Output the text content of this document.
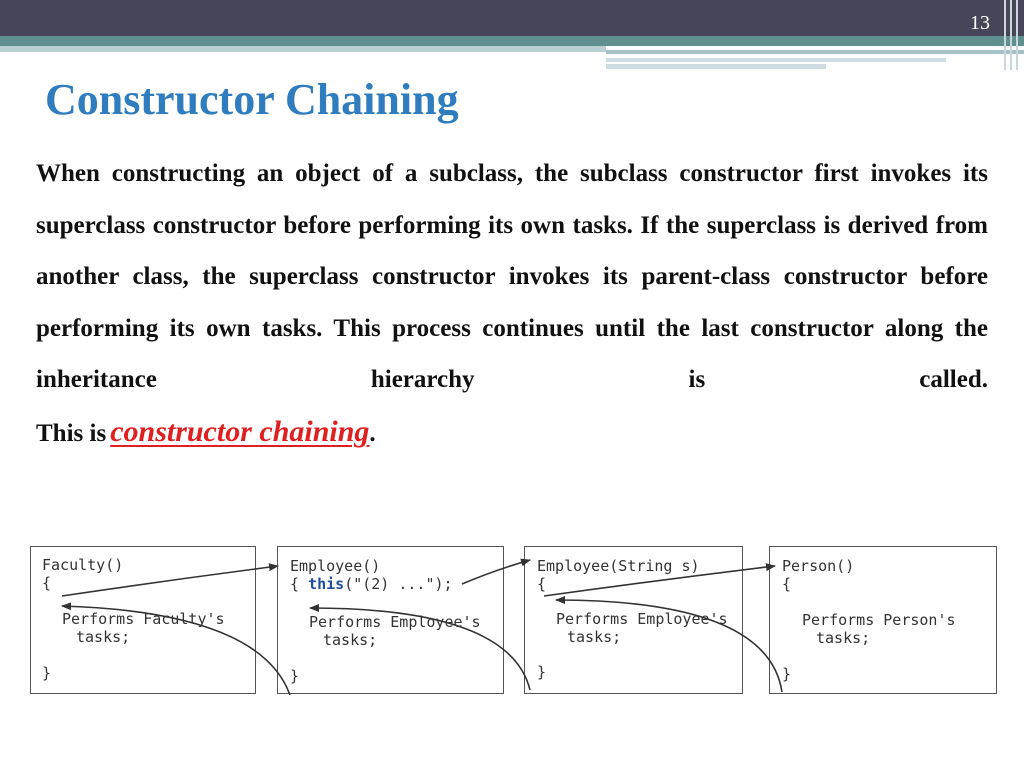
13
Constructor Chaining

When constructing an object of a subclass, the subclass constructor first invokes its superclass constructor before performing its own tasks. If the superclass is derived from another class, the superclass constructor invokes its parent-class constructor before performing its own tasks. This process continues until the last constructor along the inheritance hierarchy is called.

This is constructor chaining.

Faculty()
{
Performs Faculty's
tasks;
}
Employee()
{ this("(2) ...");
Performs Employee's
tasks;
}
Employee(String s)
{
Performs Employee's
tasks;
}
Person()
{
Performs Person's
tasks;
}
